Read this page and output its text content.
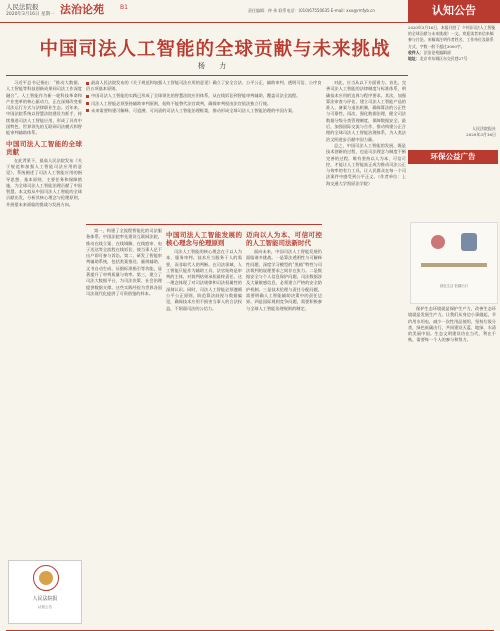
人民法院报
2020年3月16日 星期一 法治论苑	B1	责任编辑：仲 伟 联系电话：(010)67550635 E-mail: xxx@rmfyb.cn	认知公告
中国司法人工智能的全球贡献与未来挑战
杨 力

习近平总书记指出：“推动大数据、人工智能等科技创新成果同司法工作深度融合”。人工智能作为新一轮科技革命和产业变革的核心驱动力，正在深刻改变着司法运行方式与法律职业生态。近年来，中国法院系统以智慧法院建设为抓手，持续推进司法人工智能应用，形成了具有中国特色、世界领先的互联网司法模式和智能审判辅助体系。

中国司法人工智能的全球贡献

在此背景下，最高人民法院发布《关于规范和加强人工智能司法应用的意见》，系统阐述了司法人工智能应用的指导思想、基本原则、主要任务和保障措施，为全球司法人工智能治理贡献了中国智慧。本文拟从中国司法人工智能的全球贡献出发，分析其核心理念与伦理原则，并展望未来面临的挑战与发展方向。

最高人民法院发布的《关于规范和加强人工智能司法应用的意见》确立了安全合法、公平公正、辅助审判、透明可信、公序良俗五项基本原则。
中国司法人工智能的实践已形成了全球领先的智慧法院应用体系，从在线诉讼到智能审判辅助，覆盖司法全流程。
司法人工智能必须坚持辅助审判原则，始终不能替代法官裁判，确保审判权由法官依法独立行使。
未来需要构建可解释、可追溯、可问责的司法人工智能治理框架，推动形成全球司法人工智能治理的中国方案。

第一，构建了全流程智能化的司法服务体系。中国法院率先建设互联网法院，推动在线立案、在线调解、在线庭审、电子送达等全流程在线诉讼，使当事人足不出户即可参与诉讼。第二，研发了智能审判辅助系统，包括类案推送、量刑辅助、文书自动生成、证据标准指引等功能，显著提升了审判质量与效率。第三，建立了司法大数据平台，为司法决策、社会治理提供数据支撑。这些实践经验为世界各国司法现代化提供了可资借鉴的样本。

中国司法人工智能发展的核心理念与伦理原则

司法人工智能的核心理念在于以人为本、服务审判。技术应当服务于人的需要，而非取代人的判断。在司法领域，人工智能只能作为辅助工具，法官始终是审判的主体，对裁判结果承担最终责任。这一理念体现了对司法规律和司法权属性的深刻认识。同时，司法人工智能必须遵循公平公正原则，防范算法歧视与数据偏见，确保技术应用不损害当事人的合法权益，不削弱司法的公信力。

迈向以人为本、可信可控的人工智能司法新时代

面向未来，中国司法人工智能发展仍面临诸多挑战。一是算法透明性与可解释性问题，深度学习模型的“黑箱”特性与司法裁判的说理要求之间存在张力。二是数据安全与个人信息保护问题，司法数据涉及大量敏感信息，必须建立严格的安全防护机制。三是技术伦理与责任分配问题，需要明确人工智能辅助决策中的责任边界。四是国际规则竞争问题，需要积极参与全球人工智能治理规则的制定。

对此，应当从以下方面着力。首先，完善司法人工智能的法律制度与标准体系，明确技术应用的边界与程序要求。其次，加强算法审查与评估，建立司法人工智能产品的准入、备案与退出机制，确保算法的公正性与可靠性。再次，强化数据治理，健全司法数据分级分类管理制度，保障数据安全。最后，加强国际交流与合作，推动构建公正合理的全球司法人工智能治理体系，为人类法治文明进步贡献中国力量。

总之，中国司法人工智能的发展，既是技术创新的过程，也是司法理念与制度不断完善的过程。唯有坚持以人为本、可信可控，才能让人工智能真正成为推动司法公正与效率的有力工具，让人民群众在每一个司法案件中感受到公平正义。（作者单位：上海交通大学凯原法学院）

人民法院报
认知公告
2020年3月16日，本报刊登了《中国司法人工智能的全球贡献与未来挑战》一文。欢迎读者来信来稿参与讨论。来稿请注明作者姓名、工作单位及联系方式，字数一般不超过3000字。
收件人：法治论苑编辑部
地址：北京市东城区东交民巷27号
人民法院报社
2020年3月16日
环保公益广告
绿色生活 低碳出行

保护生态环境就是保护生产力，改善生态环境就是发展生产力。让我们从身边小事做起，节约用水用电，减少一次性用品使用，坚持垃圾分类，绿色低碳出行，共同建设天蓝、地绿、水清的美丽中国。生态文明建设功在当代、利在千秋，需要每一个人的参与和努力。
